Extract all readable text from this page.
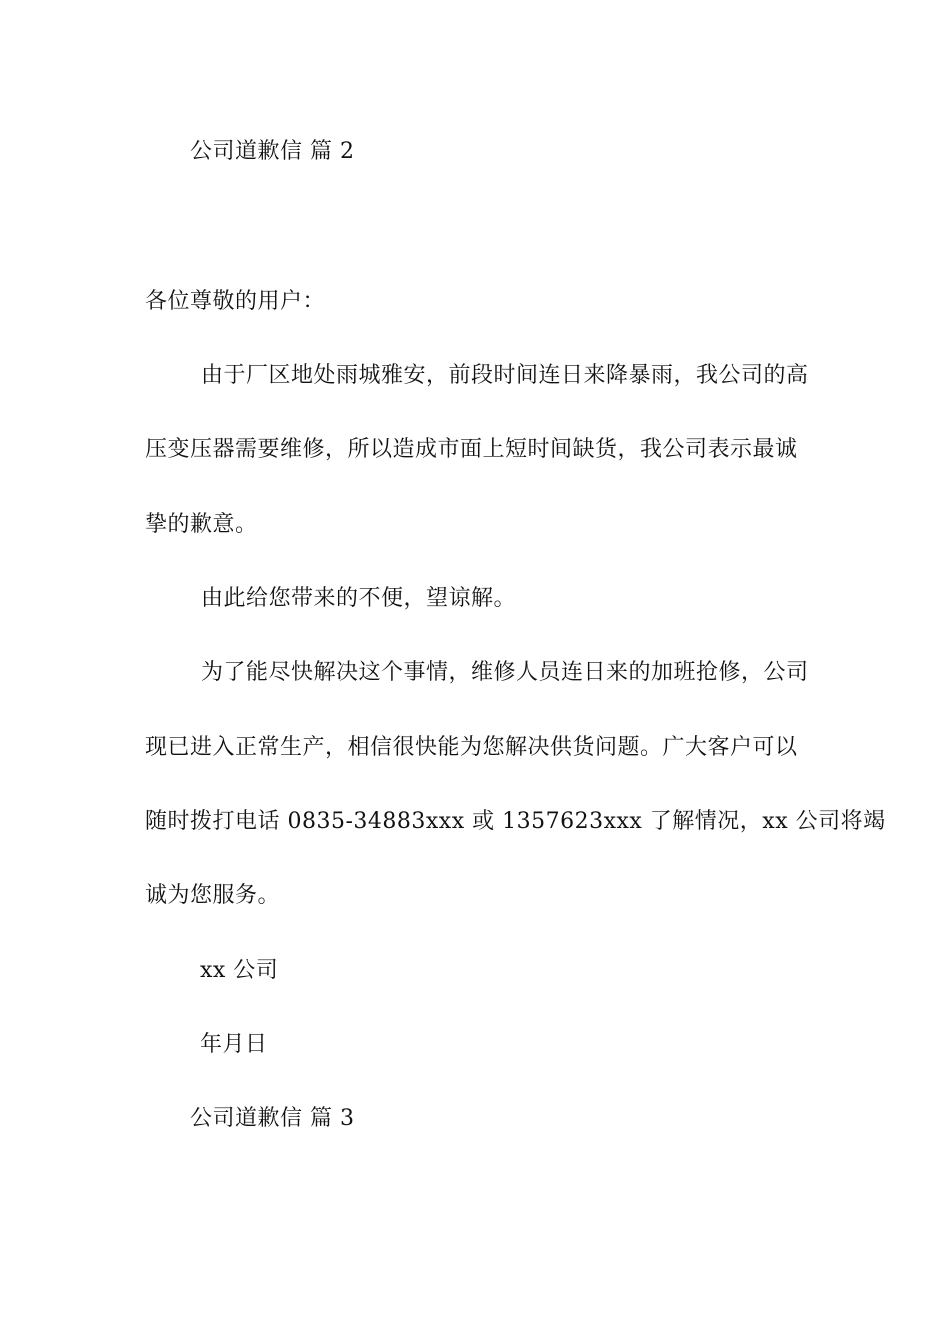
公司道歉信 篇 2
各位尊敬的用户：
由于厂区地处雨城雅安，前段时间连日来降暴雨，我公司的高
压变压器需要维修，所以造成市面上短时间缺货，我公司表示最诚
挚的歉意。
由此给您带来的不便，望谅解。
为了能尽快解决这个事情，维修人员连日来的加班抢修，公司
现已进入正常生产，相信很快能为您解决供货问题。广大客户可以
随时拨打电话 0835-34883xxx 或 1357623xxx 了解情况，xx 公司将竭
诚为您服务。
xx 公司
年月日
公司道歉信 篇 3
